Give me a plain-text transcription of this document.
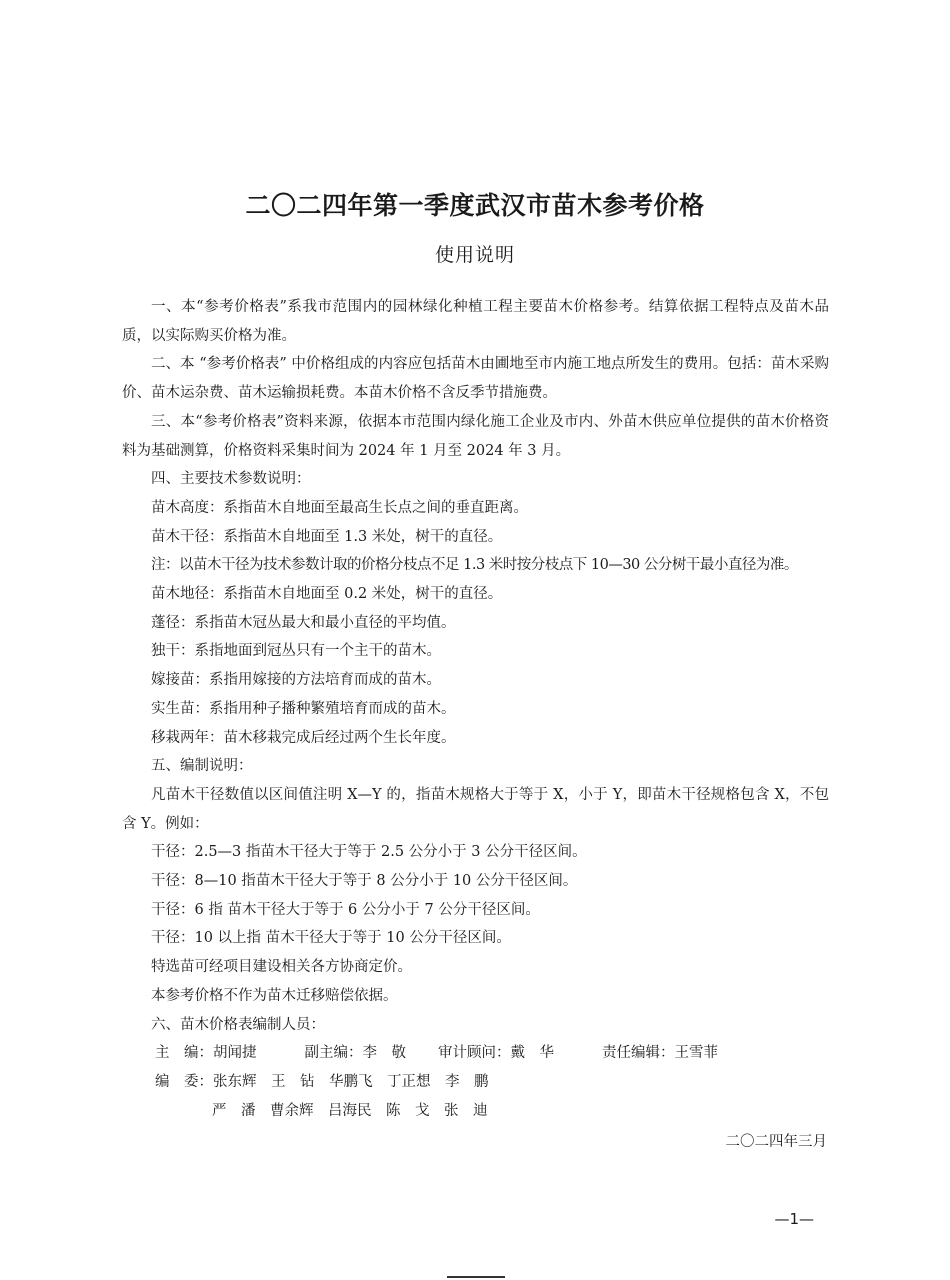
二〇二四年第一季度武汉市苗木参考价格
使用说明

一、本“参考价格表”系我市范围内的园林绿化种植工程主要苗木价格参考。结算依据工程特点及苗木品质，以实际购买价格为准。

二、本 “参考价格表” 中价格组成的内容应包括苗木由圃地至市内施工地点所发生的费用。包括：苗木采购价、苗木运杂费、苗木运输损耗费。本苗木价格不含反季节措施费。

三、本“参考价格表”资料来源，依据本市范围内绿化施工企业及市内、外苗木供应单位提供的苗木价格资料为基础测算，价格资料采集时间为 2024 年 1 月至 2024 年 3 月。

四、主要技术参数说明：

苗木高度：系指苗木自地面至最高生长点之间的垂直距离。

苗木干径：系指苗木自地面至 1.3 米处，树干的直径。

注：以苗木干径为技术参数计取的价格分枝点不足 1.3 米时按分枝点下 10—30 公分树干最小直径为准。

苗木地径：系指苗木自地面至 0.2 米处，树干的直径。

蓬径：系指苗木冠丛最大和最小直径的平均值。

独干：系指地面到冠丛只有一个主干的苗木。

嫁接苗：系指用嫁接的方法培育而成的苗木。

实生苗：系指用种子播种繁殖培育而成的苗木。

移栽两年：苗木移栽完成后经过两个生长年度。

五、编制说明：

凡苗木干径数值以区间值注明 X—Y 的，指苗木规格大于等于 X，小于 Y，即苗木干径规格包含 X，不包含 Y。例如：

干径：2.5—3 指苗木干径大于等于 2.5 公分小于 3 公分干径区间。

干径：8—10 指苗木干径大于等于 8 公分小于 10 公分干径区间。

干径：6 指 苗木干径大于等于 6 公分小于 7 公分干径区间。

干径：10 以上指 苗木干径大于等于 10 公分干径区间。

特选苗可经项目建设相关各方协商定价。

本参考价格不作为苗木迁移赔偿依据。

六、苗木价格表编制人员：

主　编：胡闻捷	副主编：李　敬 审计顾问：戴　华	责任编辑：王雪菲

编　委：张东辉　王　钻　华鹏飞　丁正想　李　鹏

严　潘　曹余辉　吕海民　陈　戈　张　迪

二〇二四年三月
—1—
